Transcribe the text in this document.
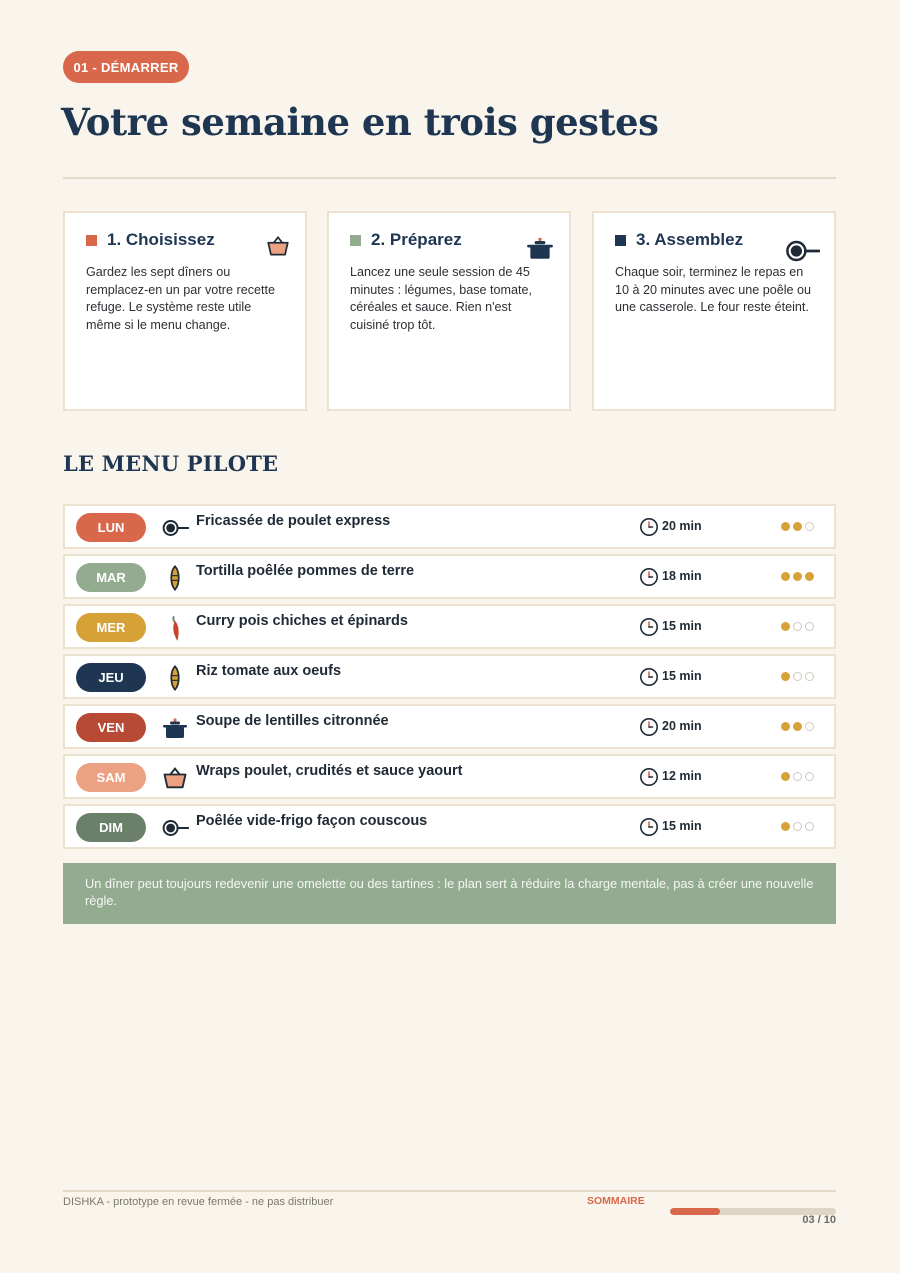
01 - DÉMARRER
Votre semaine en trois gestes
1. Choisissez

Gardez les sept dîners ou remplacez-en un par votre recette refuge. Le système reste utile même si le menu change.

2. Préparez

Lancez une seule session de 45 minutes : légumes, base tomate, céréales et sauce. Rien n'est cuisiné trop tôt.

3. Assemblez

Chaque soir, terminez le repas en 10 à 20 minutes avec une poêle ou une casserole. Le four reste éteint.

LE MENU PILOTE
LUN	Fricassée de poulet express	20 min
MAR	Tortilla poêlée pommes de terre	18 min
MER	Curry pois chiches et épinards	15 min
JEU	Riz tomate aux oeufs	15 min
VEN	Soupe de lentilles citronnée	20 min
SAM	Wraps poulet, crudités et sauce yaourt	12 min
DIM	Poêlée vide-frigo façon couscous	15 min
Un dîner peut toujours redevenir une omelette ou des tartines : le plan sert à réduire la charge mentale, pas à créer une nouvelle règle.
DISHKA - prototype en revue fermée - ne pas distribuer	SOMMAIRE
03 / 10
